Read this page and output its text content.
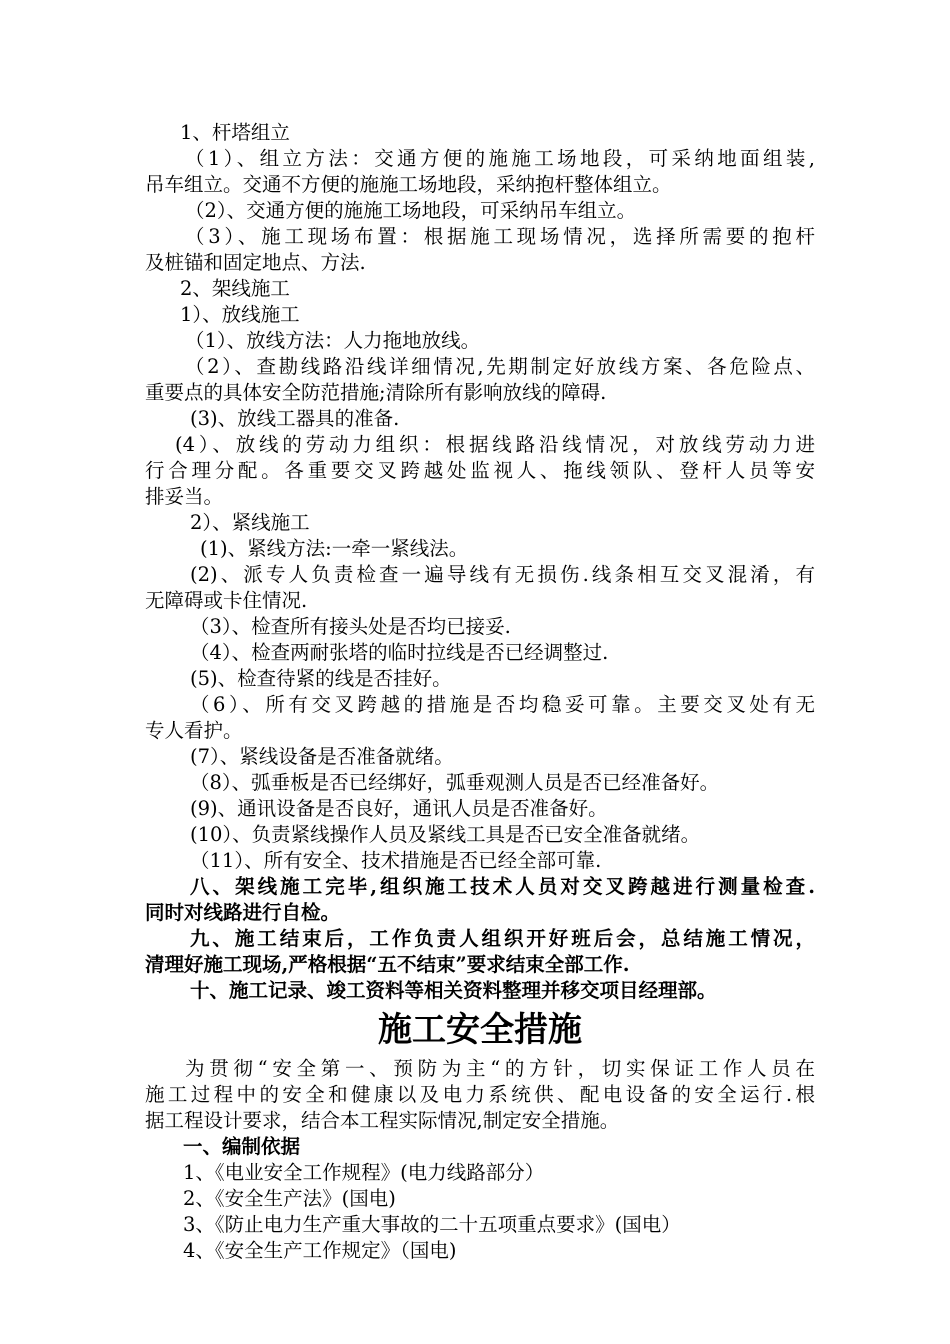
1、杆塔组立
（1）、组立方法：交通方便的施施工场地段，可采纳地面组装,
吊车组立。交通不方便的施施工场地段，采纳抱杆整体组立。
（2）、交通方便的施施工场地段，可采纳吊车组立。
（3）、施工现场布置：根据施工现场情况，选择所需要的抱杆
及桩锚和固定地点、方法.
2、架线施工
1）、放线施工
（1）、放线方法：人力拖地放线。
（2）、查勘线路沿线详细情况,先期制定好放线方案、各危险点、
重要点的具体安全防范措施;清除所有影响放线的障碍.
(3)、放线工器具的准备.
(4）、放线的劳动力组织：根据线路沿线情况，对放线劳动力进
行合理分配。各重要交叉跨越处监视人、拖线领队、登杆人员等安
排妥当。
2）、紧线施工
(1)、紧线方法:一牵一紧线法。
(2)、派专人负责检查一遍导线有无损伤.线条相互交叉混淆，有
无障碍或卡住情况.
（3）、检查所有接头处是否均已接妥.
（4）、检查两耐张塔的临时拉线是否已经调整过.
(5)、检查待紧的线是否挂好。
（6）、所有交叉跨越的措施是否均稳妥可靠。主要交叉处有无
专人看护。
(7）、紧线设备是否准备就绪。
（8）、弧垂板是否已经绑好，弧垂观测人员是否已经准备好。
(9)、通讯设备是否良好，通讯人员是否准备好。
(10）、负责紧线操作人员及紧线工具是否已安全准备就绪。
（11）、所有安全、技术措施是否已经全部可靠.
八、架线施工完毕,组织施工技术人员对交叉跨越进行测量检查.
同时对线路进行自检。
九、施工结束后，工作负责人组织开好班后会，总结施工情况，
清理好施工现场,严格根据“五不结束”要求结束全部工作.
十、施工记录、竣工资料等相关资料整理并移交项目经理部。
施工安全措施
为贯彻“安全第一、预防为主“的方针，切实保证工作人员在
施工过程中的安全和健康以及电力系统供、配电设备的安全运行.根
据工程设计要求，结合本工程实际情况,制定安全措施。
一、编制依据
1、《电业安全工作规程》(电力线路部分）
2、《安全生产法》(国电)
3、《防止电力生产重大事故的二十五项重点要求》(国电）
4、《安全生产工作规定》（国电)
